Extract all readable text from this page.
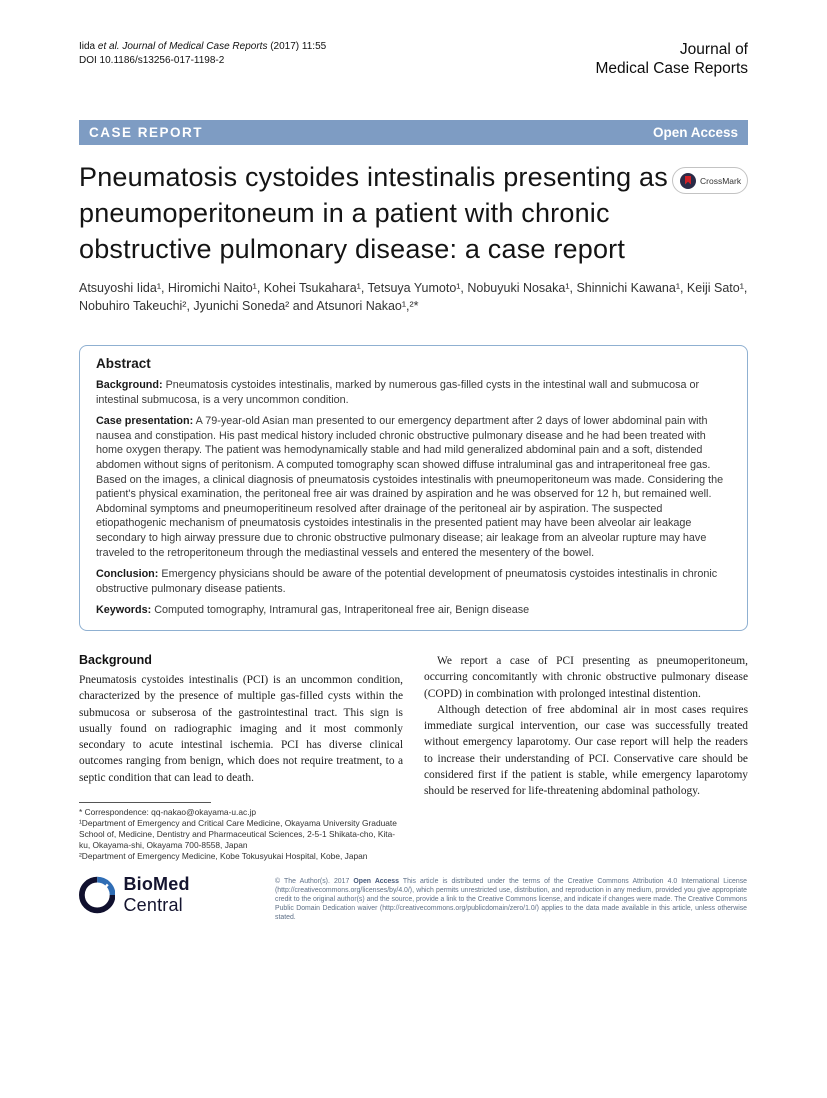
Iida et al. Journal of Medical Case Reports (2017) 11:55
DOI 10.1186/s13256-017-1198-2
Journal of
Medical Case Reports
CASE REPORT	Open Access
Pneumatosis cystoides intestinalis presenting as pneumoperitoneum in a patient with chronic obstructive pulmonary disease: a case report
CrossMark

Atsuyoshi Iida¹, Hiromichi Naito¹, Kohei Tsukahara¹, Tetsuya Yumoto¹, Nobuyuki Nosaka¹, Shinnichi Kawana¹, Keiji Sato¹, Nobuhiro Takeuchi², Jyunichi Soneda² and Atsunori Nakao¹,²*

Abstract

Background: Pneumatosis cystoides intestinalis, marked by numerous gas-filled cysts in the intestinal wall and submucosa or intestinal submucosa, is a very uncommon condition.

Case presentation: A 79-year-old Asian man presented to our emergency department after 2 days of lower abdominal pain with nausea and constipation. His past medical history included chronic obstructive pulmonary disease and he had been treated with home oxygen therapy. The patient was hemodynamically stable and had mild generalized abdominal pain and a soft, distended abdomen without signs of peritonism. A computed tomography scan showed diffuse intraluminal gas and intraperitoneal free gas. Based on the images, a clinical diagnosis of pneumatosis cystoides intestinalis with pneumoperitoneum was made. Considering the patient's physical examination, the peritoneal free air was drained by aspiration and he was observed for 12 h, but remained well. Abdominal symptoms and pneumoperitineum resolved after drainage of the peritoneal air by aspiration. The suspected etiopathogenic mechanism of pneumatosis cystoides intestinalis in the presented patient may have been alveolar air leakage secondary to high airway pressure due to chronic obstructive pulmonary disease; air leakage from an alveolar rupture may have traveled to the retroperitoneum through the mediastinal vessels and entered the mesentery of the bowel.

Conclusion: Emergency physicians should be aware of the potential development of pneumatosis cystoides intestinalis in chronic obstructive pulmonary disease patients.

Keywords: Computed tomography, Intramural gas, Intraperitoneal free air, Benign disease

Background

Pneumatosis cystoides intestinalis (PCI) is an uncommon condition, characterized by the presence of multiple gas-filled cysts within the submucosa or subserosa of the gastrointestinal tract. This sign is usually found on radiographic imaging and it most commonly secondary to acute intestinal ischemia. PCI has diverse clinical outcomes ranging from benign, which does not require treatment, to a septic condition that can lead to death.

* Correspondence: qq-nakao@okayama-u.ac.jp

¹Department of Emergency and Critical Care Medicine, Okayama University Graduate School of, Medicine, Dentistry and Pharmaceutical Sciences, 2-5-1 Shikata-cho, Kita-ku, Okayama-shi, Okayama 700-8558, Japan

²Department of Emergency Medicine, Kobe Tokusyukai Hospital, Kobe, Japan

We report a case of PCI presenting as pneumoperitoneum, occurring concomitantly with chronic obstructive pulmonary disease (COPD) in combination with prolonged intestinal distention.

Although detection of free abdominal air in most cases requires immediate surgical intervention, our case was successfully treated without emergency laparotomy. Our case report will help the readers to increase their understanding of PCI. Conservative care should be considered first if the patient is stable, while emergency laparotomy should be reserved for life-threatening abdominal pathology.

BioMed Central

© The Author(s). 2017 Open Access This article is distributed under the terms of the Creative Commons Attribution 4.0 International License (http://creativecommons.org/licenses/by/4.0/), which permits unrestricted use, distribution, and reproduction in any medium, provided you give appropriate credit to the original author(s) and the source, provide a link to the Creative Commons license, and indicate if changes were made. The Creative Commons Public Domain Dedication waiver (http://creativecommons.org/publicdomain/zero/1.0/) applies to the data made available in this article, unless otherwise stated.
